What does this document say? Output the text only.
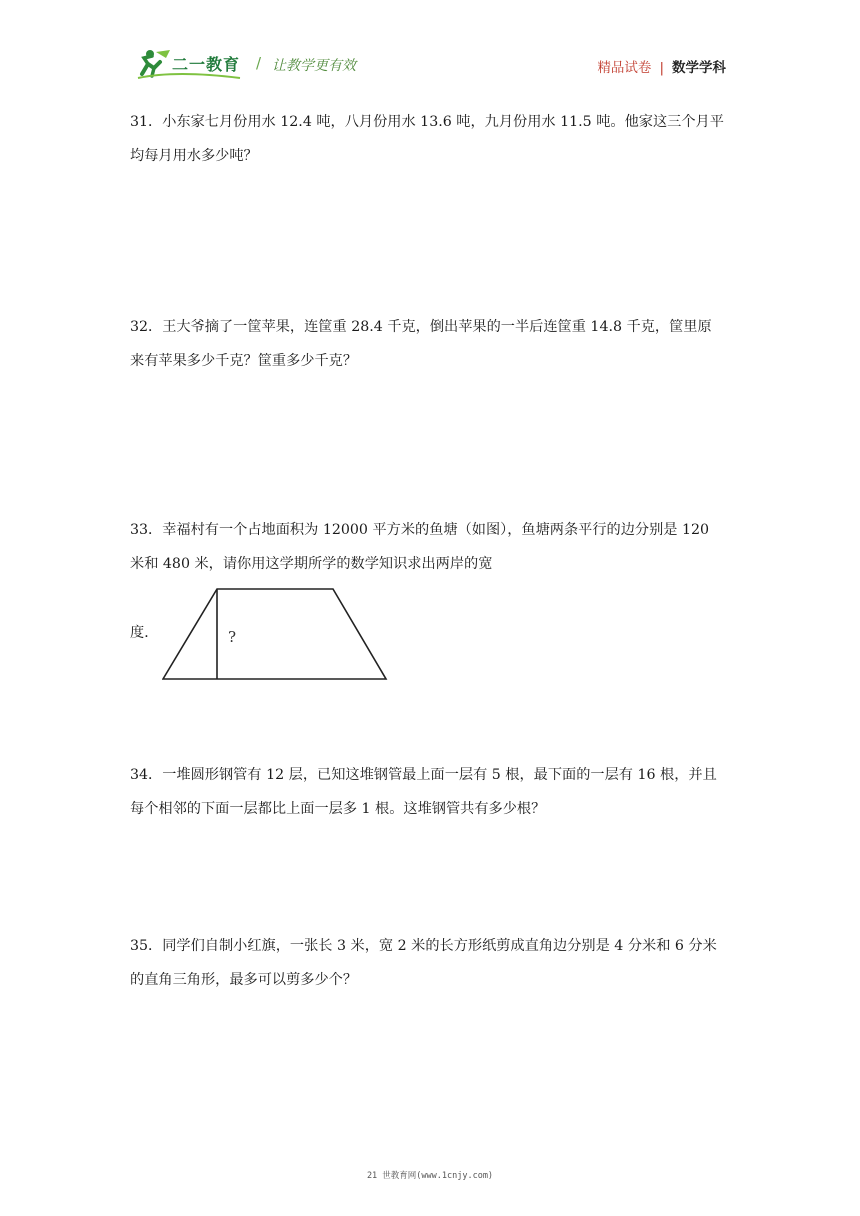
二一教育 / 让教学更有效	精品试卷 | 数学学科

31．小东家七月份用水 12.4 吨，八月份用水 13.6 吨，九月份用水 11.5 吨。他家这三个月平

均每月用水多少吨？

32．王大爷摘了一筐苹果，连筐重 28.4 千克，倒出苹果的一半后连筐重 14.8 千克，筐里原

来有苹果多少千克？筐重多少千克？

33．幸福村有一个占地面积为 12000 平方米的鱼塘（如图），鱼塘两条平行的边分别是 120

米和 480 米，请你用这学期所学的数学知识求出两岸的宽

度．	?

34．一堆圆形钢管有 12 层，已知这堆钢管最上面一层有 5 根，最下面的一层有 16 根，并且

每个相邻的下面一层都比上面一层多 1 根。这堆钢管共有多少根？

35．同学们自制小红旗，一张长 3 米，宽 2 米的长方形纸剪成直角边分别是 4 分米和 6 分米

的直角三角形，最多可以剪多少个？

21 世教育网(www.1cnjy.com)
